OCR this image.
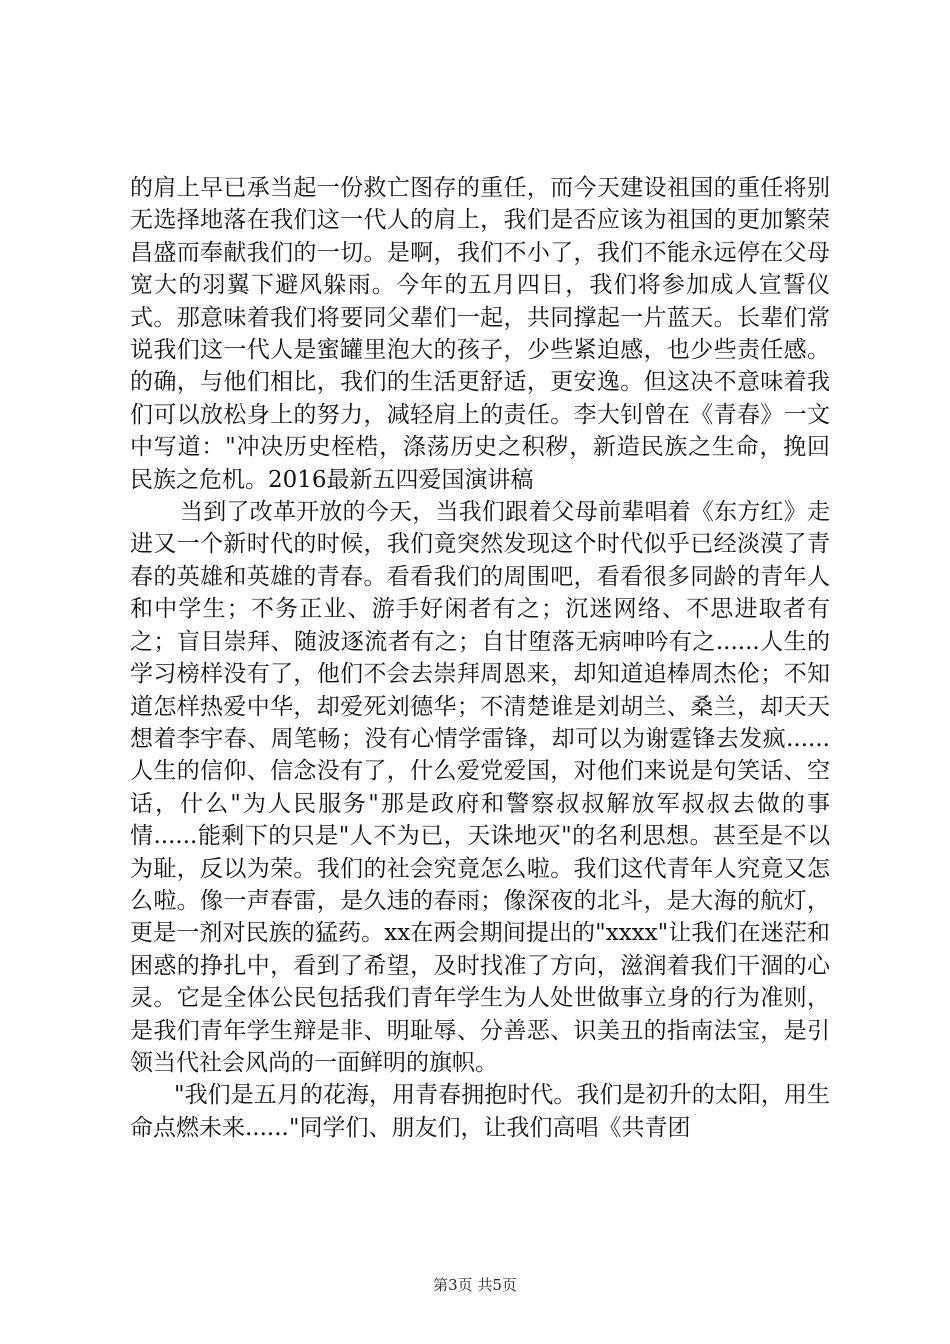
的肩上早已承当起一份救亡图存的重任，而今天建设祖国的重任将别无选择地落在我们这一代人的肩上，我们是否应该为祖国的更加繁荣昌盛而奉献我们的一切。是啊，我们不小了，我们不能永远停在父母宽大的羽翼下避风躲雨。今年的五月四日，我们将参加成人宣誓仪式。那意味着我们将要同父辈们一起，共同撑起一片蓝天。长辈们常说我们这一代人是蜜罐里泡大的孩子，少些紧迫感，也少些责任感。的确，与他们相比，我们的生活更舒适，更安逸。但这决不意味着我们可以放松身上的努力，减轻肩上的责任。李大钊曾在《青春》一文中写道："冲决历史桎梏，涤荡历史之积秽，新造民族之生命，挽回民族之危机。2016最新五四爱国演讲稿

当到了改革开放的今天，当我们跟着父母前辈唱着《东方红》走进又一个新时代的时候，我们竟突然发现这个时代似乎已经淡漠了青春的英雄和英雄的青春。看看我们的周围吧，看看很多同龄的青年人和中学生；不务正业、游手好闲者有之；沉迷网络、不思进取者有之；盲目崇拜、随波逐流者有之；自甘堕落无病呻吟有之......人生的学习榜样没有了，他们不会去崇拜周恩来，却知道追棒周杰伦；不知道怎样热爱中华，却爱死刘德华；不清楚谁是刘胡兰、桑兰，却天天想着李宇春、周笔畅；没有心情学雷锋，却可以为谢霆锋去发疯......人生的信仰、信念没有了，什么爱党爱国，对他们来说是句笑话、空话，什么"为人民服务"那是政府和警察叔叔解放军叔叔去做的事情......能剩下的只是"人不为已，天诛地灭"的名利思想。甚至是不以为耻，反以为荣。我们的社会究竟怎么啦。我们这代青年人究竟又怎么啦。像一声春雷，是久违的春雨；像深夜的北斗，是大海的航灯，更是一剂对民族的猛药。xx在两会期间提出的"xxxx"让我们在迷茫和困惑的挣扎中，看到了希望，及时找准了方向，滋润着我们干涸的心灵。它是全体公民包括我们青年学生为人处世做事立身的行为准则，是我们青年学生辩是非、明耻辱、分善恶、识美丑的指南法宝，是引领当代社会风尚的一面鲜明的旗帜。

"我们是五月的花海，用青春拥抱时代。我们是初升的太阳，用生命点燃未来......"同学们、朋友们，让我们高唱《共青团

第3页 共5页
